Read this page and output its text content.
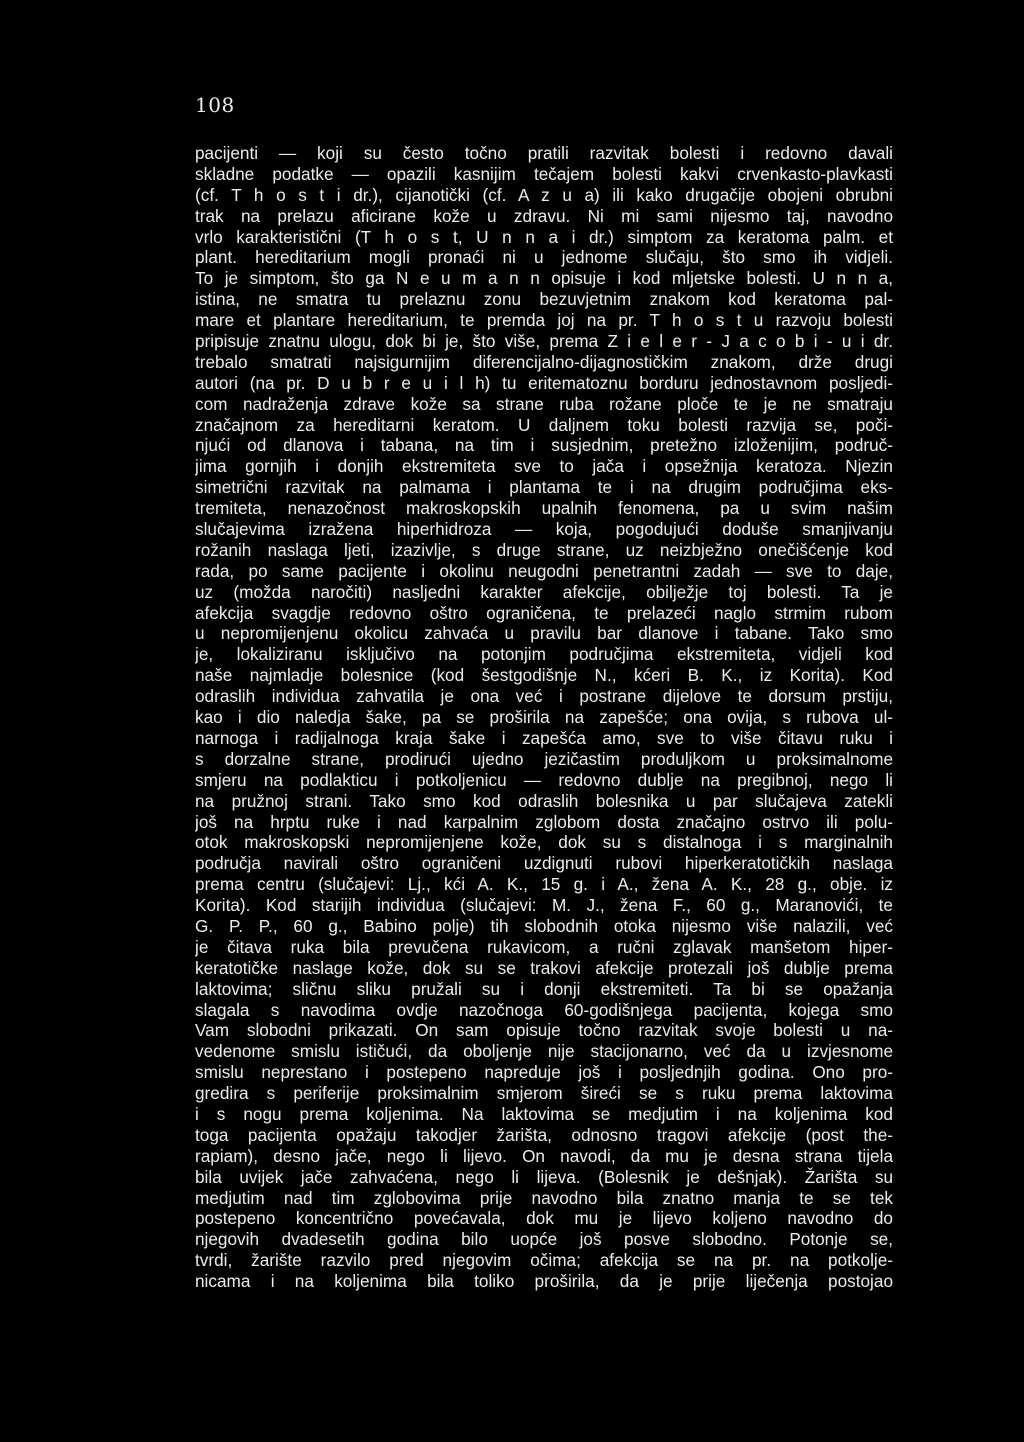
108
pacijenti — koji su često točno pratili razvitak bolesti i redovno davali
skladne podatke — opazili kasnijim tečajem bolesti kakvi crvenkasto-plavkasti
(cf. T h o s t i dr.), cijanotički (cf. A z u a) ili kako drugačije obojeni obrubni
trak na prelazu aficirane kože u zdravu. Ni mi sami nijesmo taj, navodno
vrlo karakteristični (T h o s t, U n n a i dr.) simptom za keratoma palm. et
plant. hereditarium mogli pronaći ni u jednome slučaju, što smo ih vidjeli.
To je simptom, što ga N e u m a n n opisuje i kod mljetske bolesti. U n n a,
istina, ne smatra tu prelaznu zonu bezuvjetnim znakom kod keratoma pal-
mare et plantare hereditarium, te premda joj na pr. T h o s t u razvoju bolesti
pripisuje znatnu ulogu, dok bi je, što više, prema Z i e l e r - J a c o b i - u i dr.
trebalo smatrati najsigurnijim diferencijalno-dijagnostičkim znakom, drže drugi
autori (na pr. D u b r e u i l h) tu eritematoznu borduru jednostavnom posljedi-
com nadraženja zdrave kože sa strane ruba rožane ploče te je ne smatraju
značajnom za hereditarni keratom. U daljnem toku bolesti razvija se, poči-
njući od dlanova i tabana, na tim i susjednim, pretežno izloženijim, područ-
jima gornjih i donjih ekstremiteta sve to jača i opsežnija keratoza. Njezin
simetrični razvitak na palmama i plantama te i na drugim područjima eks-
tremiteta, nenazočnost makroskopskih upalnih fenomena, pa u svim našim
slučajevima izražena hiperhidroza — koja, pogodujući doduše smanjivanju
rožanih naslaga ljeti, izazivlje, s druge strane, uz neizbježno onečišćenje kod
rada, po same pacijente i okolinu neugodni penetrantni zadah — sve to daje,
uz (možda naročiti) nasljedni karakter afekcije, obilježje toj bolesti. Ta je
afekcija svagdje redovno oštro ograničena, te prelazeći naglo strmim rubom
u nepromijenjenu okolicu zahvaća u pravilu bar dlanove i tabane. Tako smo
je, lokaliziranu isključivo na potonjim područjima ekstremiteta, vidjeli kod
naše najmladje bolesnice (kod šestgodišnje N., kćeri B. K., iz Korita). Kod
odraslih individua zahvatila je ona već i postrane dijelove te dorsum prstiju,
kao i dio naledja šake, pa se proširila na zapešće; ona ovija, s rubova ul-
narnoga i radijalnoga kraja šake i zapešća amo, sve to više čitavu ruku i
s dorzalne strane, prodirući ujedno jezičastim produljkom u proksimalnome
smjeru na podlakticu i potkoljenicu — redovno dublje na pregibnoj, nego li
na pružnoj strani. Tako smo kod odraslih bolesnika u par slučajeva zatekli
još na hrptu ruke i nad karpalnim zglobom dosta značajno ostrvo ili polu-
otok makroskopski nepromijenjene kože, dok su s distalnoga i s marginalnih
područja navirali oštro ograničeni uzdignuti rubovi hiperkeratotičkih naslaga
prema centru (slučajevi: Lj., kći A. K., 15 g. i A., žena A. K., 28 g., obje. iz
Korita). Kod starijih individua (slučajevi: M. J., žena F., 60 g., Maranovići, te
G. P. P., 60 g., Babino polje) tih slobodnih otoka nijesmo više nalazili, već
je čitava ruka bila prevučena rukavicom, a ručni zglavak manšetom hiper-
keratotičke naslage kože, dok su se trakovi afekcije protezali još dublje prema
laktovima; sličnu sliku pružali su i donji ekstremiteti. Ta bi se opažanja
slagala s navodima ovdje nazočnoga 60-godišnjega pacijenta, kojega smo
Vam slobodni prikazati. On sam opisuje točno razvitak svoje bolesti u na-
vedenome smislu ističući, da oboljenje nije stacijonarno, već da u izvjesnome
smislu neprestano i postepeno napreduje još i posljednjih godina. Ono pro-
gredira s periferije proksimalnim smjerom šireći se s ruku prema laktovima
i s nogu prema koljenima. Na laktovima se medjutim i na koljenima kod
toga pacijenta opažaju takodjer žarišta, odnosno tragovi afekcije (post the-
rapiam), desno jače, nego li lijevo. On navodi, da mu je desna strana tijela
bila uvijek jače zahvaćena, nego li lijeva. (Bolesnik je dešnjak). Žarišta su
medjutim nad tim zglobovima prije navodno bila znatno manja te se tek
postepeno koncentrično povećavala, dok mu je lijevo koljeno navodno do
njegovih dvadesetih godina bilo uopće još posve slobodno. Potonje se,
tvrdi, žarište razvilo pred njegovim očima; afekcija se na pr. na potkolje-
nicama i na koljenima bila toliko proširila, da je prije liječenja postojao
